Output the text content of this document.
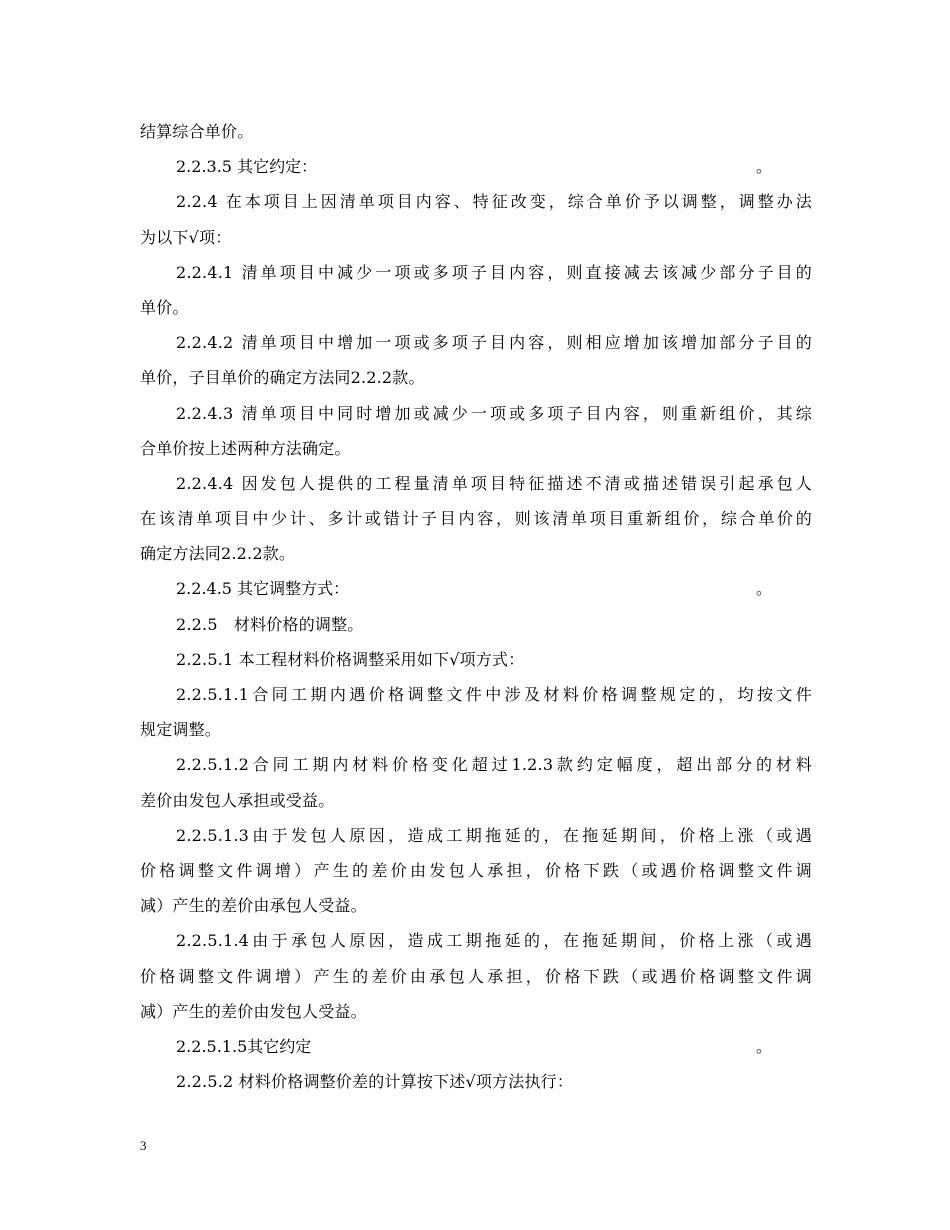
结算综合单价。
2.2.3.5 其它约定：	。
2.2.4 在本项目上因清单项目内容、特征改变，综合单价予以调整，调整办法
为以下√项：
2.2.4.1 清单项目中减少一项或多项子目内容，则直接减去该减少部分子目的
单价。
2.2.4.2 清单项目中增加一项或多项子目内容，则相应增加该增加部分子目的
单价，子目单价的确定方法同2.2.2款。
2.2.4.3 清单项目中同时增加或减少一项或多项子目内容，则重新组价，其综
合单价按上述两种方法确定。
2.2.4.4 因发包人提供的工程量清单项目特征描述不清或描述错误引起承包人
在该清单项目中少计、多计或错计子目内容，则该清单项目重新组价，综合单价的
确定方法同2.2.2款。
2.2.4.5 其它调整方式：	。
2.2.5　材料价格的调整。
2.2.5.1 本工程材料价格调整采用如下√项方式：
2.2.5.1.1合同工期内遇价格调整文件中涉及材料价格调整规定的，均按文件
规定调整。
2.2.5.1.2合同工期内材料价格变化超过1.2.3款约定幅度，超出部分的材料
差价由发包人承担或受益。
2.2.5.1.3由于发包人原因，造成工期拖延的，在拖延期间，价格上涨（或遇
价格调整文件调增）产生的差价由发包人承担，价格下跌（或遇价格调整文件调
减）产生的差价由承包人受益。
2.2.5.1.4由于承包人原因，造成工期拖延的，在拖延期间，价格上涨（或遇
价格调整文件调增）产生的差价由承包人承担，价格下跌（或遇价格调整文件调
减）产生的差价由发包人受益。
2.2.5.1.5其它约定	。
2.2.5.2 材料价格调整价差的计算按下述√项方法执行：
3
